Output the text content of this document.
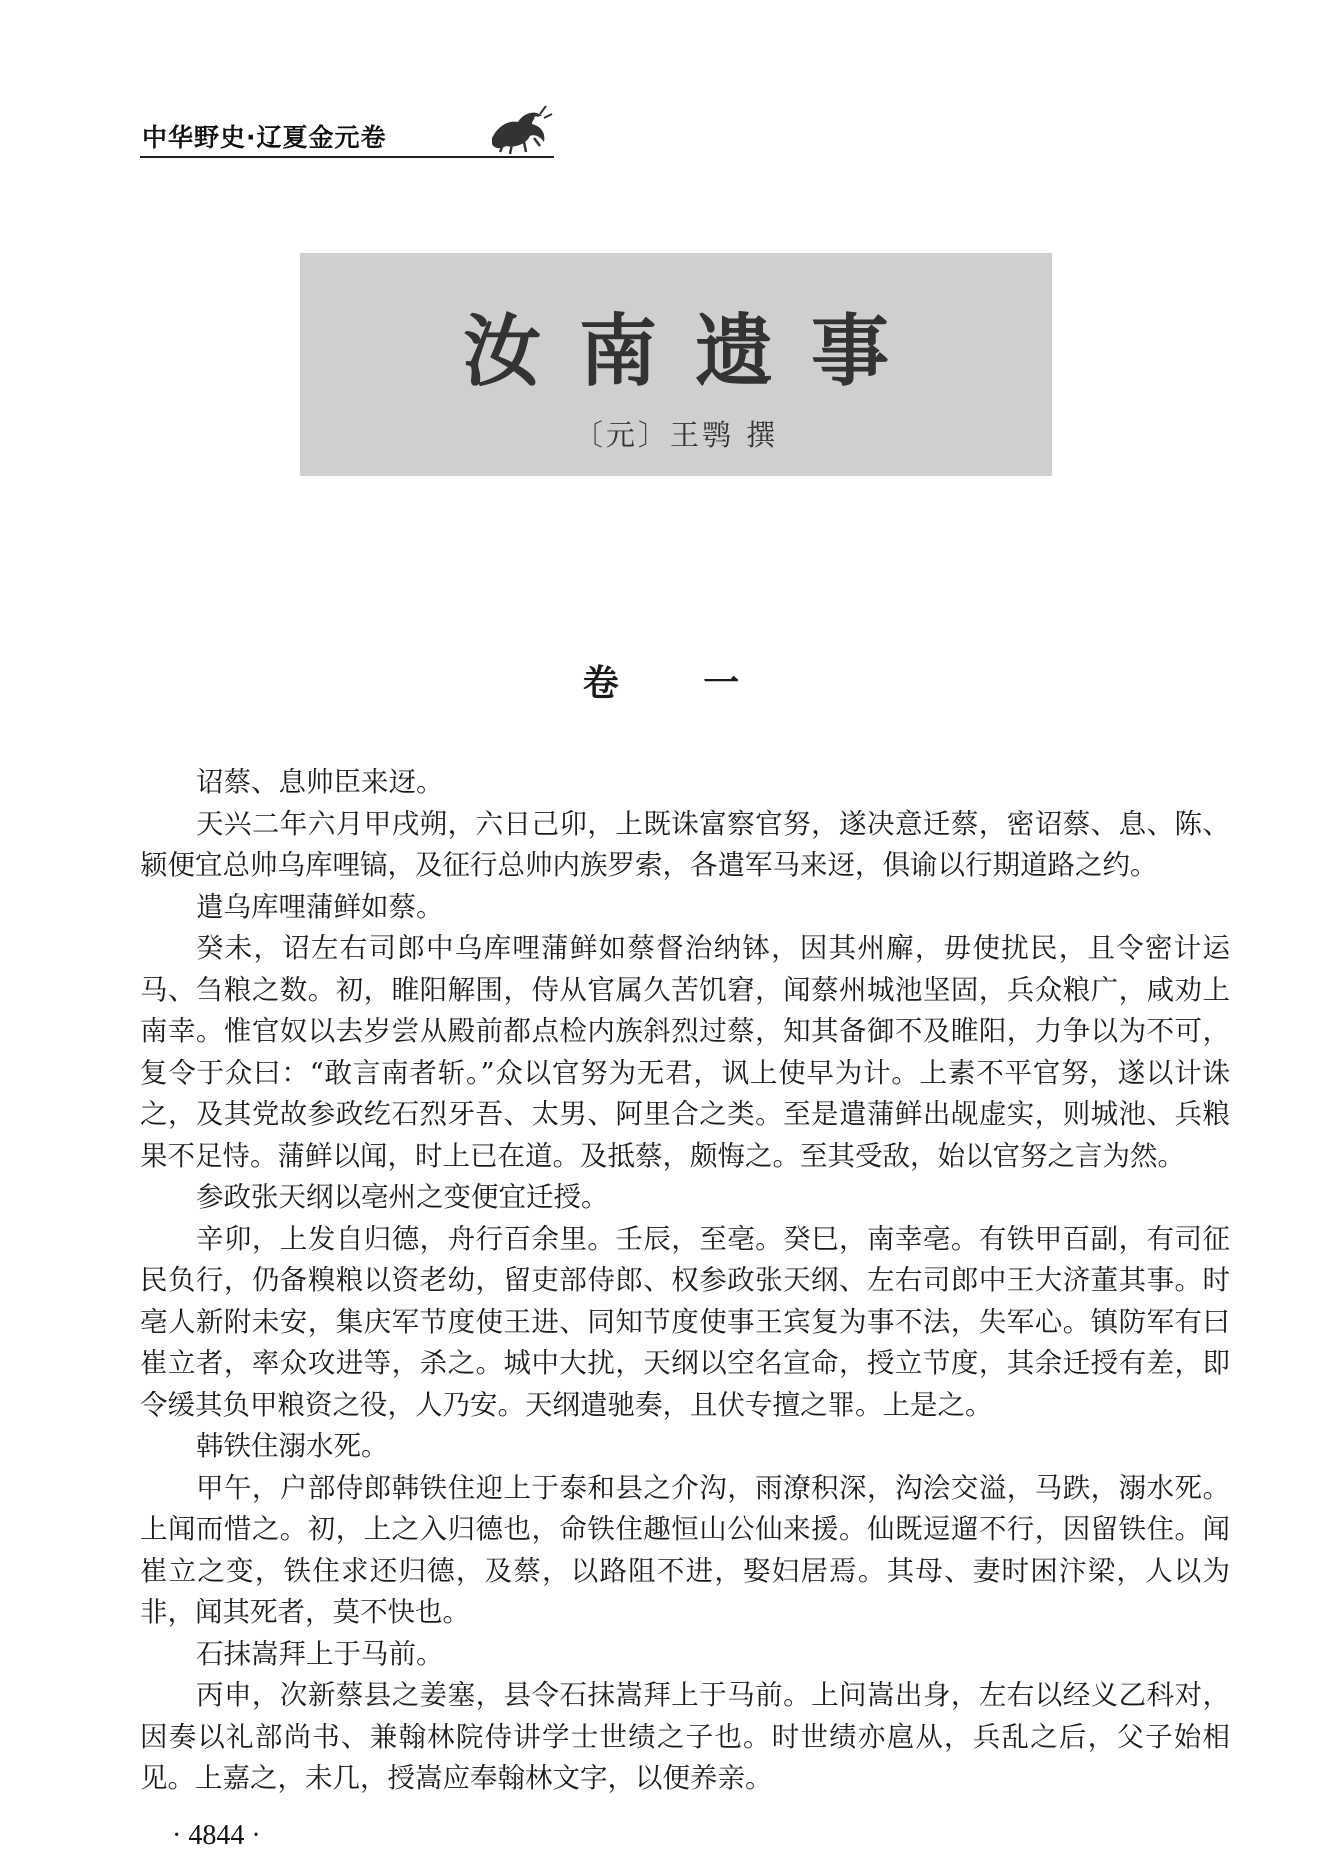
中华野史·辽夏金元卷
汝南遗事
〔元〕王鹗 撰
卷 一

诏蔡、息帅臣来迓。

天兴二年六月甲戌朔，六日己卯，上既诛富察官努，遂决意迁蔡，密诏蔡、息、陈、颍便宜总帅乌库哩镐，及征行总帅内族罗索，各遣军马来迓，俱谕以行期道路之约。

遣乌库哩蒲鲜如蔡。

癸未，诏左右司郎中乌库哩蒲鲜如蔡督治纳钵，因其州廨，毋使扰民，且令密计运马、刍粮之数。初，睢阳解围，侍从官属久苦饥窘，闻蔡州城池坚固，兵众粮广，咸劝上南幸。惟官奴以去岁尝从殿前都点检内族斜烈过蔡，知其备御不及睢阳，力争以为不可，复令于众曰：“敢言南者斩。”众以官努为无君，讽上使早为计。上素不平官努，遂以计诛之，及其党故参政纥石烈牙吾、太男、阿里合之类。至是遣蒲鲜出觇虚实，则城池、兵粮果不足恃。蒲鲜以闻，时上已在道。及抵蔡，颇悔之。至其受敌，始以官努之言为然。

参政张天纲以亳州之变便宜迁授。

辛卯，上发自归德，舟行百余里。壬辰，至亳。癸巳，南幸亳。有铁甲百副，有司征民负行，仍备糗粮以资老幼，留吏部侍郎、权参政张天纲、左右司郎中王大济董其事。时亳人新附未安，集庆军节度使王进、同知节度使事王宾复为事不法，失军心。镇防军有曰崔立者，率众攻进等，杀之。城中大扰，天纲以空名宣命，授立节度，其余迁授有差，即令缓其负甲粮资之役，人乃安。天纲遣驰奏，且伏专擅之罪。上是之。

韩铁住溺水死。

甲午，户部侍郎韩铁住迎上于泰和县之介沟，雨潦积深，沟浍交溢，马跌，溺水死。上闻而惜之。初，上之入归德也，命铁住趣恒山公仙来援。仙既逗遛不行，因留铁住。闻崔立之变，铁住求还归德，及蔡，以路阻不进，娶妇居焉。其母、妻时困汴梁，人以为非，闻其死者，莫不快也。

石抹嵩拜上于马前。

丙申，次新蔡县之姜塞，县令石抹嵩拜上于马前。上问嵩出身，左右以经义乙科对，因奏以礼部尚书、兼翰林院侍讲学士世绩之子也。时世绩亦扈从，兵乱之后，父子始相见。上嘉之，未几，授嵩应奉翰林文字，以便养亲。

· 4844 ·
